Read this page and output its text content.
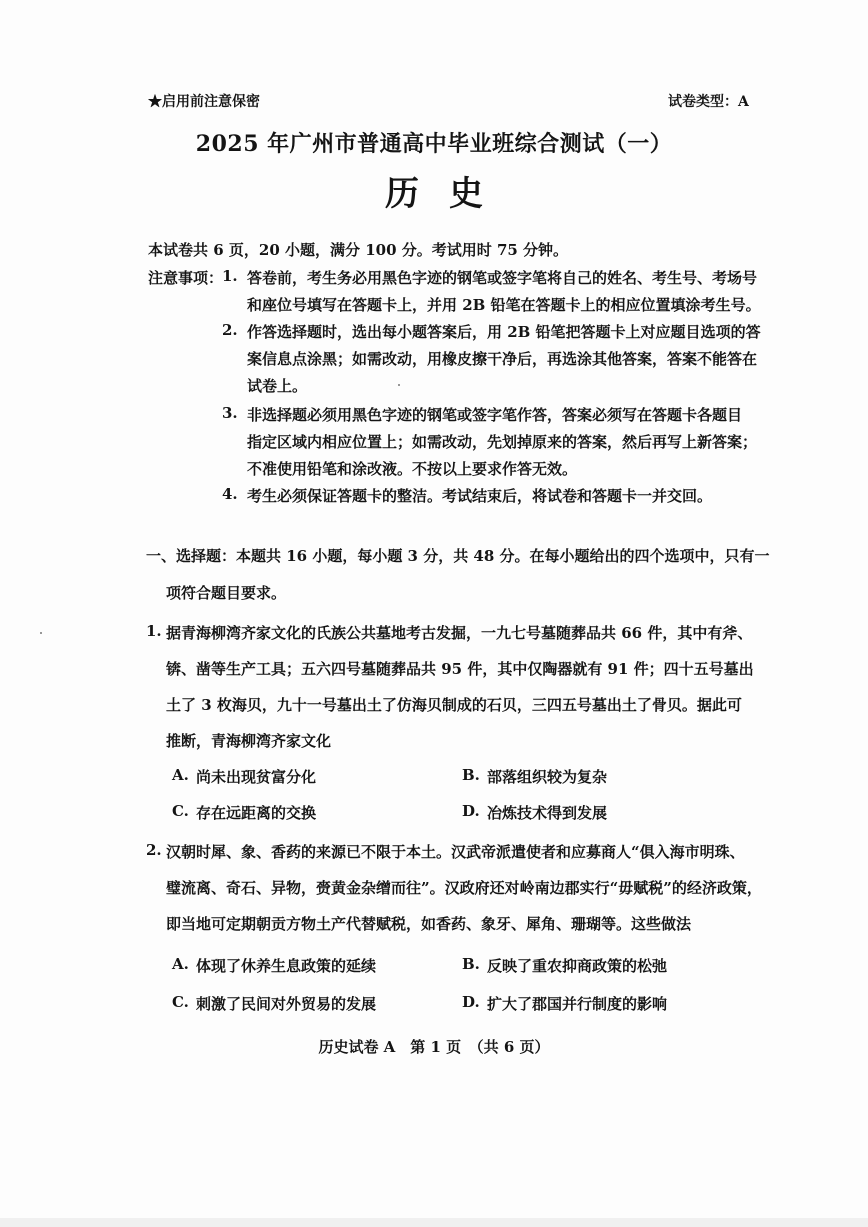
★启用前注意保密	试卷类型：A
2025 年广州市普通高中毕业班综合测试（一）
历史
本试卷共 6 页，20 小题，满分 100 分。考试用时 75 分钟。
注意事项：
1. 答卷前，考生务必用黑色字迹的钢笔或签字笔将自己的姓名、考生号、考场号
和座位号填写在答题卡上，并用 2B 铅笔在答题卡上的相应位置填涂考生号。
2. 作答选择题时，选出每小题答案后，用 2B 铅笔把答题卡上对应题目选项的答
案信息点涂黑；如需改动，用橡皮擦干净后，再选涂其他答案，答案不能答在
试卷上。
3. 非选择题必须用黑色字迹的钢笔或签字笔作答，答案必须写在答题卡各题目
指定区域内相应位置上；如需改动，先划掉原来的答案，然后再写上新答案；
不准使用铅笔和涂改液。不按以上要求作答无效。
4. 考生必须保证答题卡的整洁。考试结束后，将试卷和答题卡一并交回。
一、选择题：本题共 16 小题，每小题 3 分，共 48 分。在每小题给出的四个选项中，只有一
项符合题目要求。
1. 据青海柳湾齐家文化的氏族公共墓地考古发掘，一九七号墓随葬品共 66 件，其中有斧、
锛、凿等生产工具；五六四号墓随葬品共 95 件，其中仅陶器就有 91 件；四十五号墓出
土了 3 枚海贝，九十一号墓出土了仿海贝制成的石贝，三四五号墓出土了骨贝。据此可
推断，青海柳湾齐家文化
A. 尚未出现贫富分化	B. 部落组织较为复杂
C. 存在远距离的交换	D. 冶炼技术得到发展
2. 汉朝时犀、象、香药的来源已不限于本土。汉武帝派遣使者和应募商人“俱入海市明珠、
璧流离、奇石、异物，赍黄金杂缯而往”。汉政府还对岭南边郡实行“毋赋税”的经济政策，
即当地可定期朝贡方物土产代替赋税，如香药、象牙、犀角、珊瑚等。这些做法
A. 体现了休养生息政策的延续	B. 反映了重农抑商政策的松弛
C. 刺激了民间对外贸易的发展	D. 扩大了郡国并行制度的影响
历史试卷 A　第 1 页　（共 6 页）
